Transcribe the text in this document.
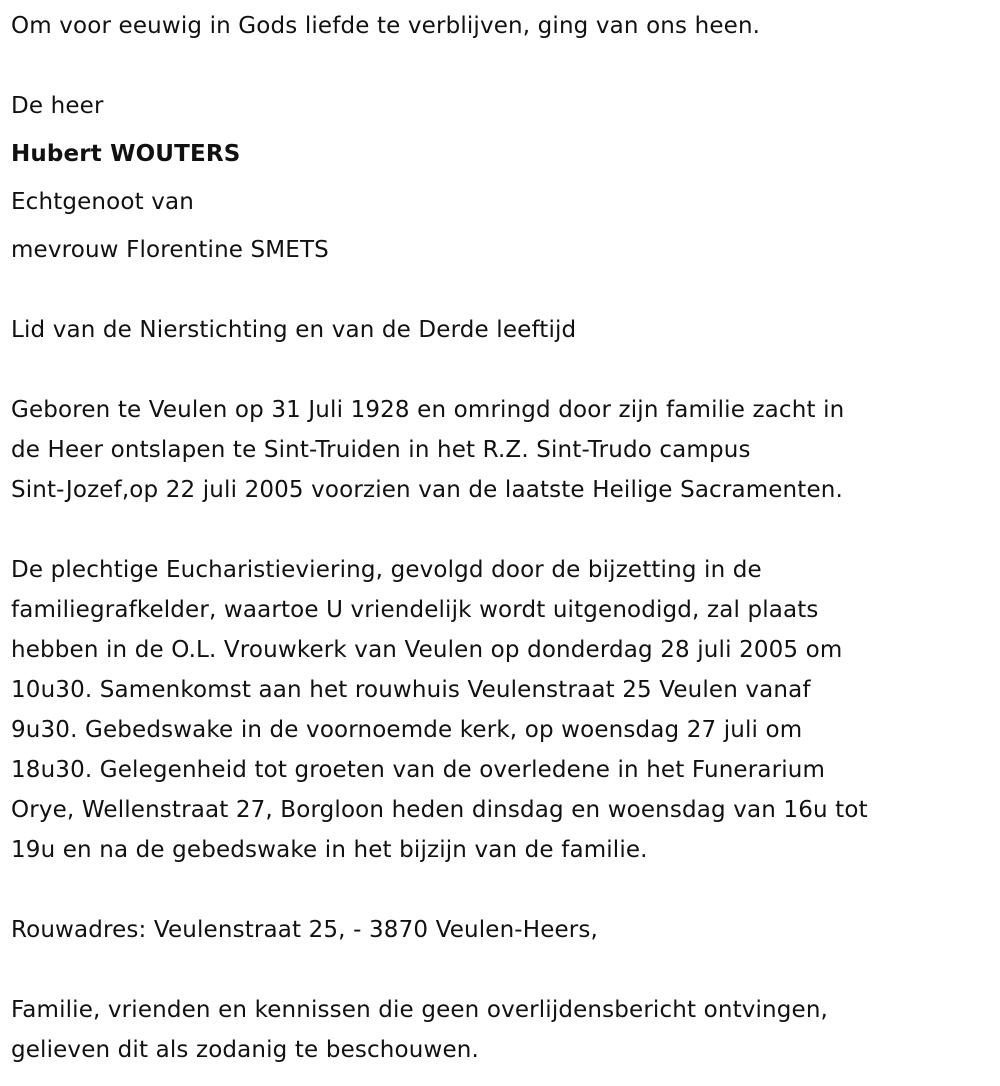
Om voor eeuwig in Gods liefde te verblijven, ging van ons heen.
De heer
Hubert WOUTERS
Echtgenoot van
mevrouw Florentine SMETS
Lid van de Nierstichting en van de Derde leeftijd
Geboren te Veulen op 31 Juli 1928 en omringd door zijn familie zacht in
de Heer ontslapen te Sint-Truiden in het R.Z. Sint-Trudo campus
Sint-Jozef,op 22 juli 2005 voorzien van de laatste Heilige Sacramenten.
De plechtige Eucharistieviering, gevolgd door de bijzetting in de
familiegrafkelder, waartoe U vriendelijk wordt uitgenodigd, zal plaats
hebben in de O.L. Vrouwkerk van Veulen op donderdag 28 juli 2005 om
10u30. Samenkomst aan het rouwhuis Veulenstraat 25 Veulen vanaf
9u30. Gebedswake in de voornoemde kerk, op woensdag 27 juli om
18u30. Gelegenheid tot groeten van de overledene in het Funerarium
Orye, Wellenstraat 27, Borgloon heden dinsdag en woensdag van 16u tot
19u en na de gebedswake in het bijzijn van de familie.
Rouwadres: Veulenstraat 25, - 3870 Veulen-Heers,
Familie, vrienden en kennissen die geen overlijdensbericht ontvingen,
gelieven dit als zodanig te beschouwen.
